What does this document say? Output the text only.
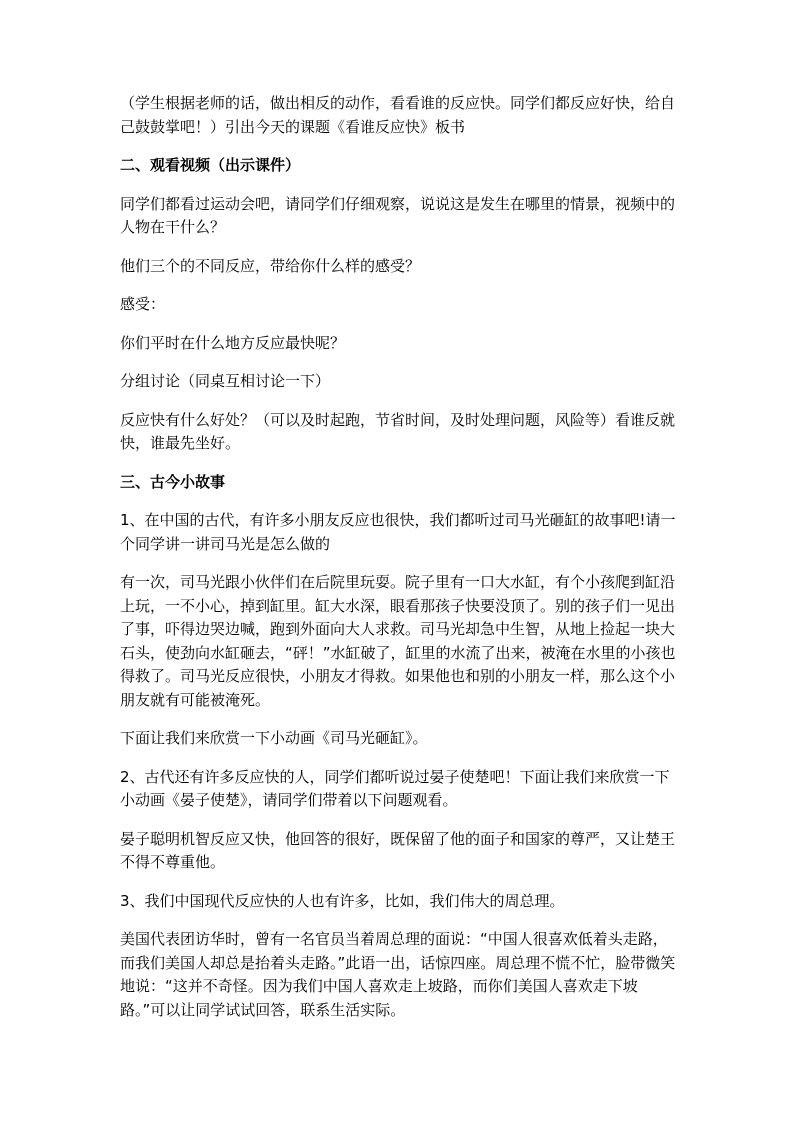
（学生根据老师的话，做出相反的动作，看看谁的反应快。同学们都反应好快，给自己鼓鼓掌吧！）引出今天的课题《看谁反应快》板书

二、观看视频（出示课件）

同学们都看过运动会吧，请同学们仔细观察，说说这是发生在哪里的情景，视频中的人物在干什么？

他们三个的不同反应，带给你什么样的感受？

感受：

你们平时在什么地方反应最快呢？

分组讨论（同桌互相讨论一下）

反应快有什么好处？（可以及时起跑，节省时间，及时处理问题，风险等）看谁反就快，谁最先坐好。

三、古今小故事

1、在中国的古代，有许多小朋友反应也很快，我们都听过司马光砸缸的故事吧!请一个同学讲一讲司马光是怎么做的

有一次，司马光跟小伙伴们在后院里玩耍。院子里有一口大水缸，有个小孩爬到缸沿上玩，一不小心，掉到缸里。缸大水深，眼看那孩子快要没顶了。别的孩子们一见出了事，吓得边哭边喊，跑到外面向大人求救。司马光却急中生智，从地上捡起一块大石头，使劲向水缸砸去，“砰！”水缸破了，缸里的水流了出来，被淹在水里的小孩也得救了。司马光反应很快，小朋友才得救。如果他也和别的小朋友一样，那么这个小朋友就有可能被淹死。

下面让我们来欣赏一下小动画《司马光砸缸》。

2、古代还有许多反应快的人，同学们都听说过晏子使楚吧！下面让我们来欣赏一下小动画《晏子使楚》，请同学们带着以下问题观看。

晏子聪明机智反应又快，他回答的很好，既保留了他的面子和国家的尊严，又让楚王不得不尊重他。

3、我们中国现代反应快的人也有许多，比如，我们伟大的周总理。

美国代表团访华时，曾有一名官员当着周总理的面说：“中国人很喜欢低着头走路，而我们美国人却总是抬着头走路。”此语一出，话惊四座。周总理不慌不忙，脸带微笑地说：“这并不奇怪。因为我们中国人喜欢走上坡路，而你们美国人喜欢走下坡路。”可以让同学试试回答，联系生活实际。
